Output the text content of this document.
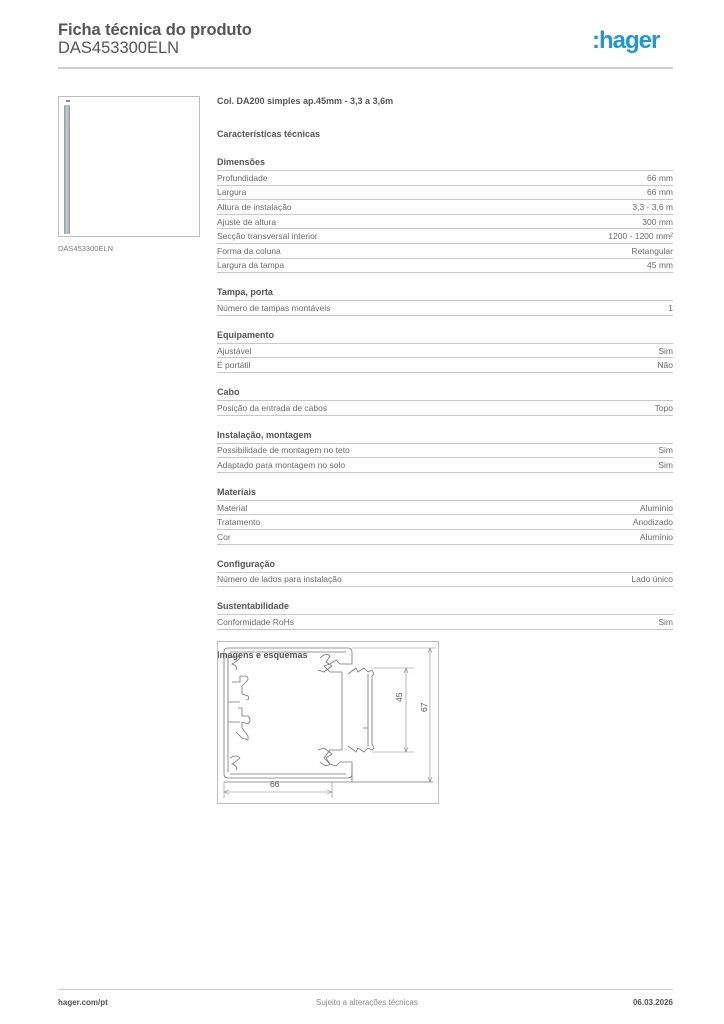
Ficha técnica do produto
DAS453300ELN	:hager
DAS453300ELN
Col. DA200 simples ap.45mm - 3,3 a 3,6m
Características técnicas
Dimensões
Profundidade	66 mm
Largura	66 mm
Altura de instalação	3,3 - 3,6 m
Ajuste de altura	300 mm
Secção transversal interior	1200 - 1200 mm²
Forma da coluna	Retangular
Largura da tampa	45 mm
Tampa, porta
Número de tampas montáveis	1
Equipamento
Ajustável	Sim
É portátil	Não
Cabo
Posição da entrada de cabos	Topo
Instalação, montagem
Possibilidade de montagem no teto	Sim
Adaptado para montagem no solo	Sim
Materiais
Material	Alumínio
Tratamento	Anodizado
Cor	Alumínio
Configuração
Número de lados para instalação	Lado único
Sustentabilidade
Conformidade RoHs	Sim
Imagens e esquemas
66
45
67
hager.com/pt	Sujeito a alterações técnicas	06.03.2026
